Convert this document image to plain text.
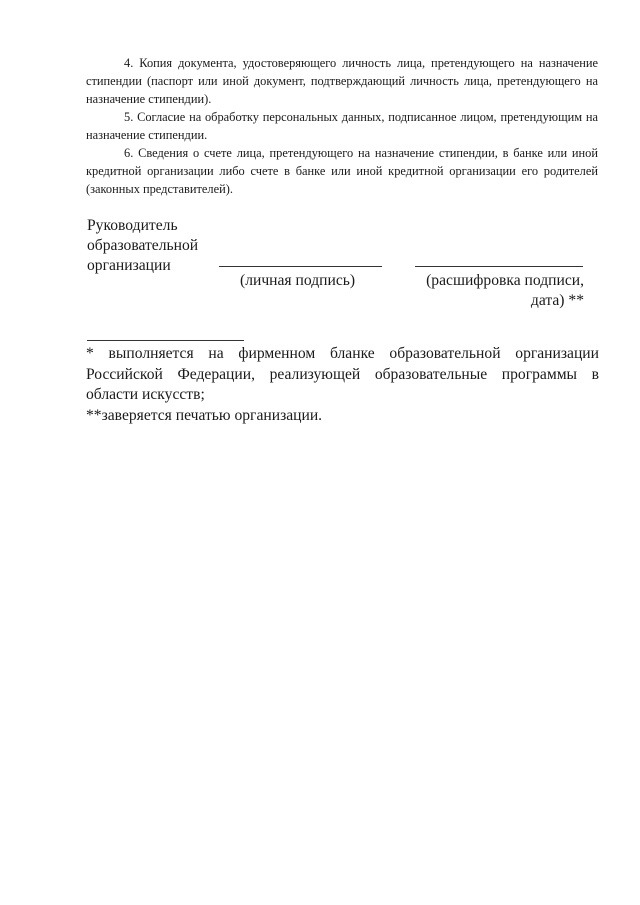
4. Копия документа, удостоверяющего личность лица, претендующего на назначение стипендии (паспорт или иной документ, подтверждающий личность лица, претендующего на назначение стипендии).

5. Согласие на обработку персональных данных, подписанное лицом, претендующим на назначение стипендии.

6. Сведения о счете лица, претендующего на назначение стипендии, в банке или иной кредитной организации либо счете в банке или иной кредитной организации его родителей (законных представителей).

Руководитель
образовательной
организации
(личная подпись)	(расшифровка подписи, дата) **

* выполняется на фирменном бланке образовательной организации Российской Федерации, реализующей образовательные программы в области искусств;

**заверяется печатью организации.
